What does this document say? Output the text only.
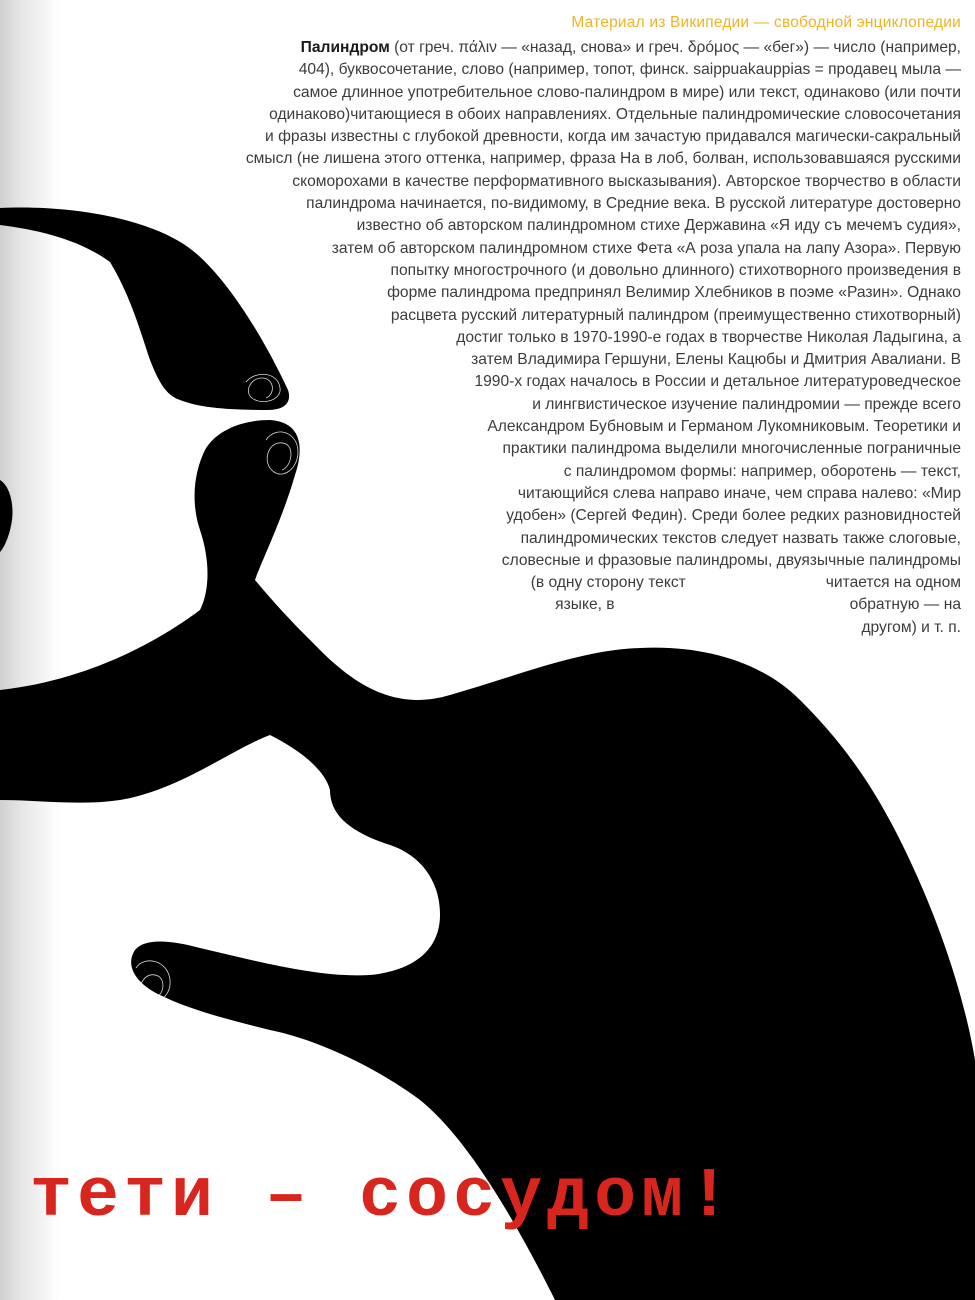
Материал из Википедии — свободной энциклопедии
Палиндром (от греч. πάλιν — «назад, снова» и греч. δρóμος — «бег») — число (например,
404), буквосочетание, слово (например, топот, финск. saippuakauppias = продавец мыла —
самое длинное употребительное слово-палиндром в мире) или текст, одинаково (или почти
одинаково)читающиеся в обоих направлениях. Отдельные палиндромические словосочетания
и фразы известны с глубокой древности, когда им зачастую придавался магически-сакральный
смысл (не лишена этого оттенка, например, фраза На в лоб, болван, использовавшаяся русскими
скоморохами в качестве перформативного высказывания). Авторское творчество в области
палиндрома начинается, по-видимому, в Средние века. В русской литературе достоверно
известно об авторском палиндромном стихе Державина «Я иду съ мечемъ судия»,
затем об авторском палиндромном стихе Фета «А роза упала на лапу Азора». Первую
попытку многострочного (и довольно длинного) стихотворного произведения в
форме палиндрома предпринял Велимир Хлебников в поэме «Разин». Однако
расцвета русский литературный палиндром (преимущественно стихотворный)
достиг только в 1970-1990-е годах в творчестве Николая Ладыгина, а
затем Владимира Гершуни, Елены Кацюбы и Дмитрия Авалиани. В
1990-х годах началось в России и детальное литературоведческое
и лингвистическое изучение палиндромии — прежде всего
Александром Бубновым и Германом Лукомниковым. Теоретики и
практики палиндрома выделили многочисленные пограничные
с палиндромом формы: например, оборотень — текст,
читающийся слева направо иначе, чем справа налево: «Мир
удобен» (Сергей Федин). Среди более редких разновидностей
палиндромических текстов следует назвать также слоговые,
словесные и фразовые палиндромы, двуязычные палиндромы
(в одну сторону текст	читается на одном
языке, в	обратную — на
другом) и т. п.
тети – сосудом!
